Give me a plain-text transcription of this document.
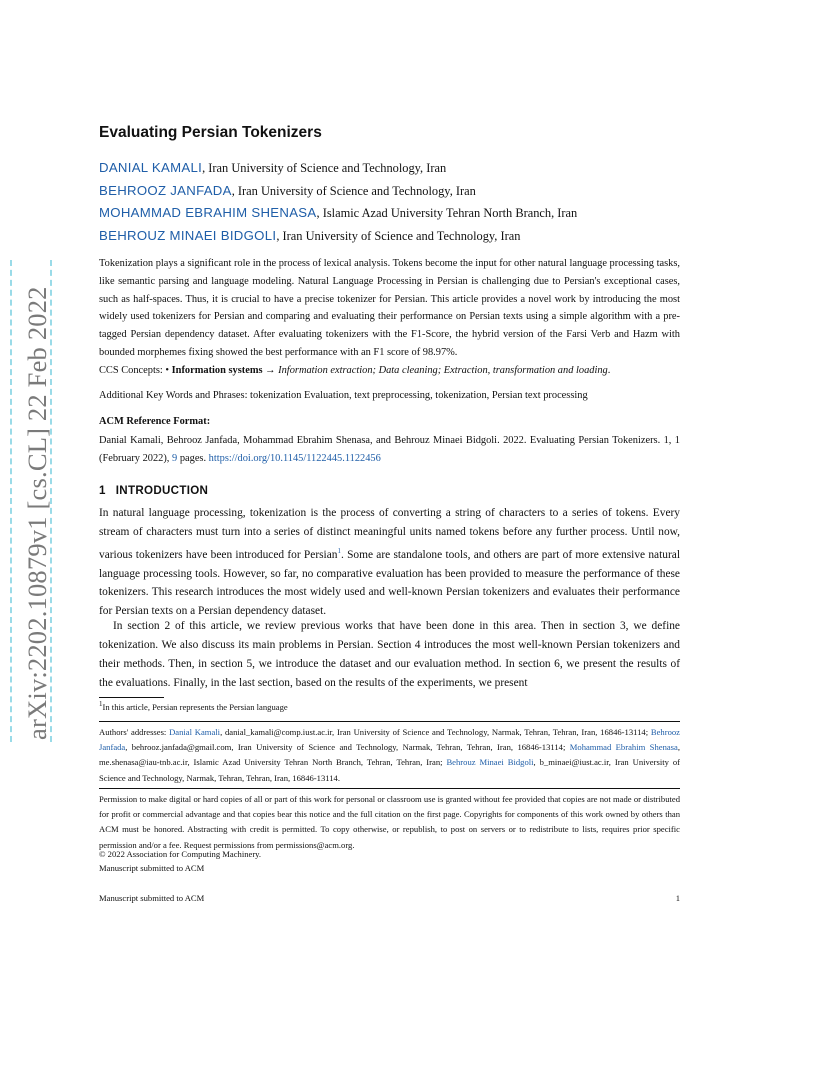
arXiv:2202.10879v1 [cs.CL] 22 Feb 2022
Evaluating Persian Tokenizers
DANIAL KAMALI, Iran University of Science and Technology, Iran
BEHROOZ JANFADA, Iran University of Science and Technology, Iran
MOHAMMAD EBRAHIM SHENASA, Islamic Azad University Tehran North Branch, Iran
BEHROUZ MINAEI BIDGOLI, Iran University of Science and Technology, Iran

Tokenization plays a significant role in the process of lexical analysis. Tokens become the input for other natural language processing tasks, like semantic parsing and language modeling. Natural Language Processing in Persian is challenging due to Persian's exceptional cases, such as half-spaces. Thus, it is crucial to have a precise tokenizer for Persian. This article provides a novel work by introducing the most widely used tokenizers for Persian and comparing and evaluating their performance on Persian texts using a simple algorithm with a pre-tagged Persian dependency dataset. After evaluating tokenizers with the F1-Score, the hybrid version of the Farsi Verb and Hazm with bounded morphemes fixing showed the best performance with an F1 score of 98.97%.

CCS Concepts: • Information systems → Information extraction; Data cleaning; Extraction, transformation and loading.
Additional Key Words and Phrases: tokenization Evaluation, text preprocessing, tokenization, Persian text processing
ACM Reference Format:

Danial Kamali, Behrooz Janfada, Mohammad Ebrahim Shenasa, and Behrouz Minaei Bidgoli. 2022. Evaluating Persian Tokenizers. 1, 1 (February 2022), 9 pages. https://doi.org/10.1145/1122445.1122456

1 INTRODUCTION

In natural language processing, tokenization is the process of converting a string of characters to a series of tokens. Every stream of characters must turn into a series of distinct meaningful units named tokens before any further process. Until now, various tokenizers have been introduced for Persian$^1$. Some are standalone tools, and others are part of more extensive natural language processing tools. However, so far, no comparative evaluation has been provided to measure the performance of these tokenizers. This research introduces the most widely used and well-known Persian tokenizers and evaluates their performance for Persian texts on a Persian dependency dataset.

In section 2 of this article, we review previous works that have been done in this area. Then in section 3, we define tokenization. We also discuss its main problems in Persian. Section 4 introduces the most well-known Persian tokenizers and their methods. Then, in section 5, we introduce the dataset and our evaluation method. In section 6, we present the results of the evaluations. Finally, in the last section, based on the results of the experiments, we present

$^1$In this article, Persian represents the Persian language

Authors' addresses: Danial Kamali, danial_kamali@comp.iust.ac.ir, Iran University of Science and Technology, Narmak, Tehran, Tehran, Iran, 16846-13114; Behrooz Janfada, behrooz.janfada@gmail.com, Iran University of Science and Technology, Narmak, Tehran, Tehran, Iran, 16846-13114; Mohammad Ebrahim Shenasa, me.shenasa@iau-tnb.ac.ir, Islamic Azad University Tehran North Branch, Tehran, Tehran, Iran; Behrouz Minaei Bidgoli, b_minaei@iust.ac.ir, Iran University of Science and Technology, Narmak, Tehran, Tehran, Iran, 16846-13114.

Permission to make digital or hard copies of all or part of this work for personal or classroom use is granted without fee provided that copies are not made or distributed for profit or commercial advantage and that copies bear this notice and the full citation on the first page. Copyrights for components of this work owned by others than ACM must be honored. Abstracting with credit is permitted. To copy otherwise, or republish, to post on servers or to redistribute to lists, requires prior specific permission and/or a fee. Request permissions from permissions@acm.org.

© 2022 Association for Computing Machinery.
Manuscript submitted to ACM
Manuscript submitted to ACM	1
